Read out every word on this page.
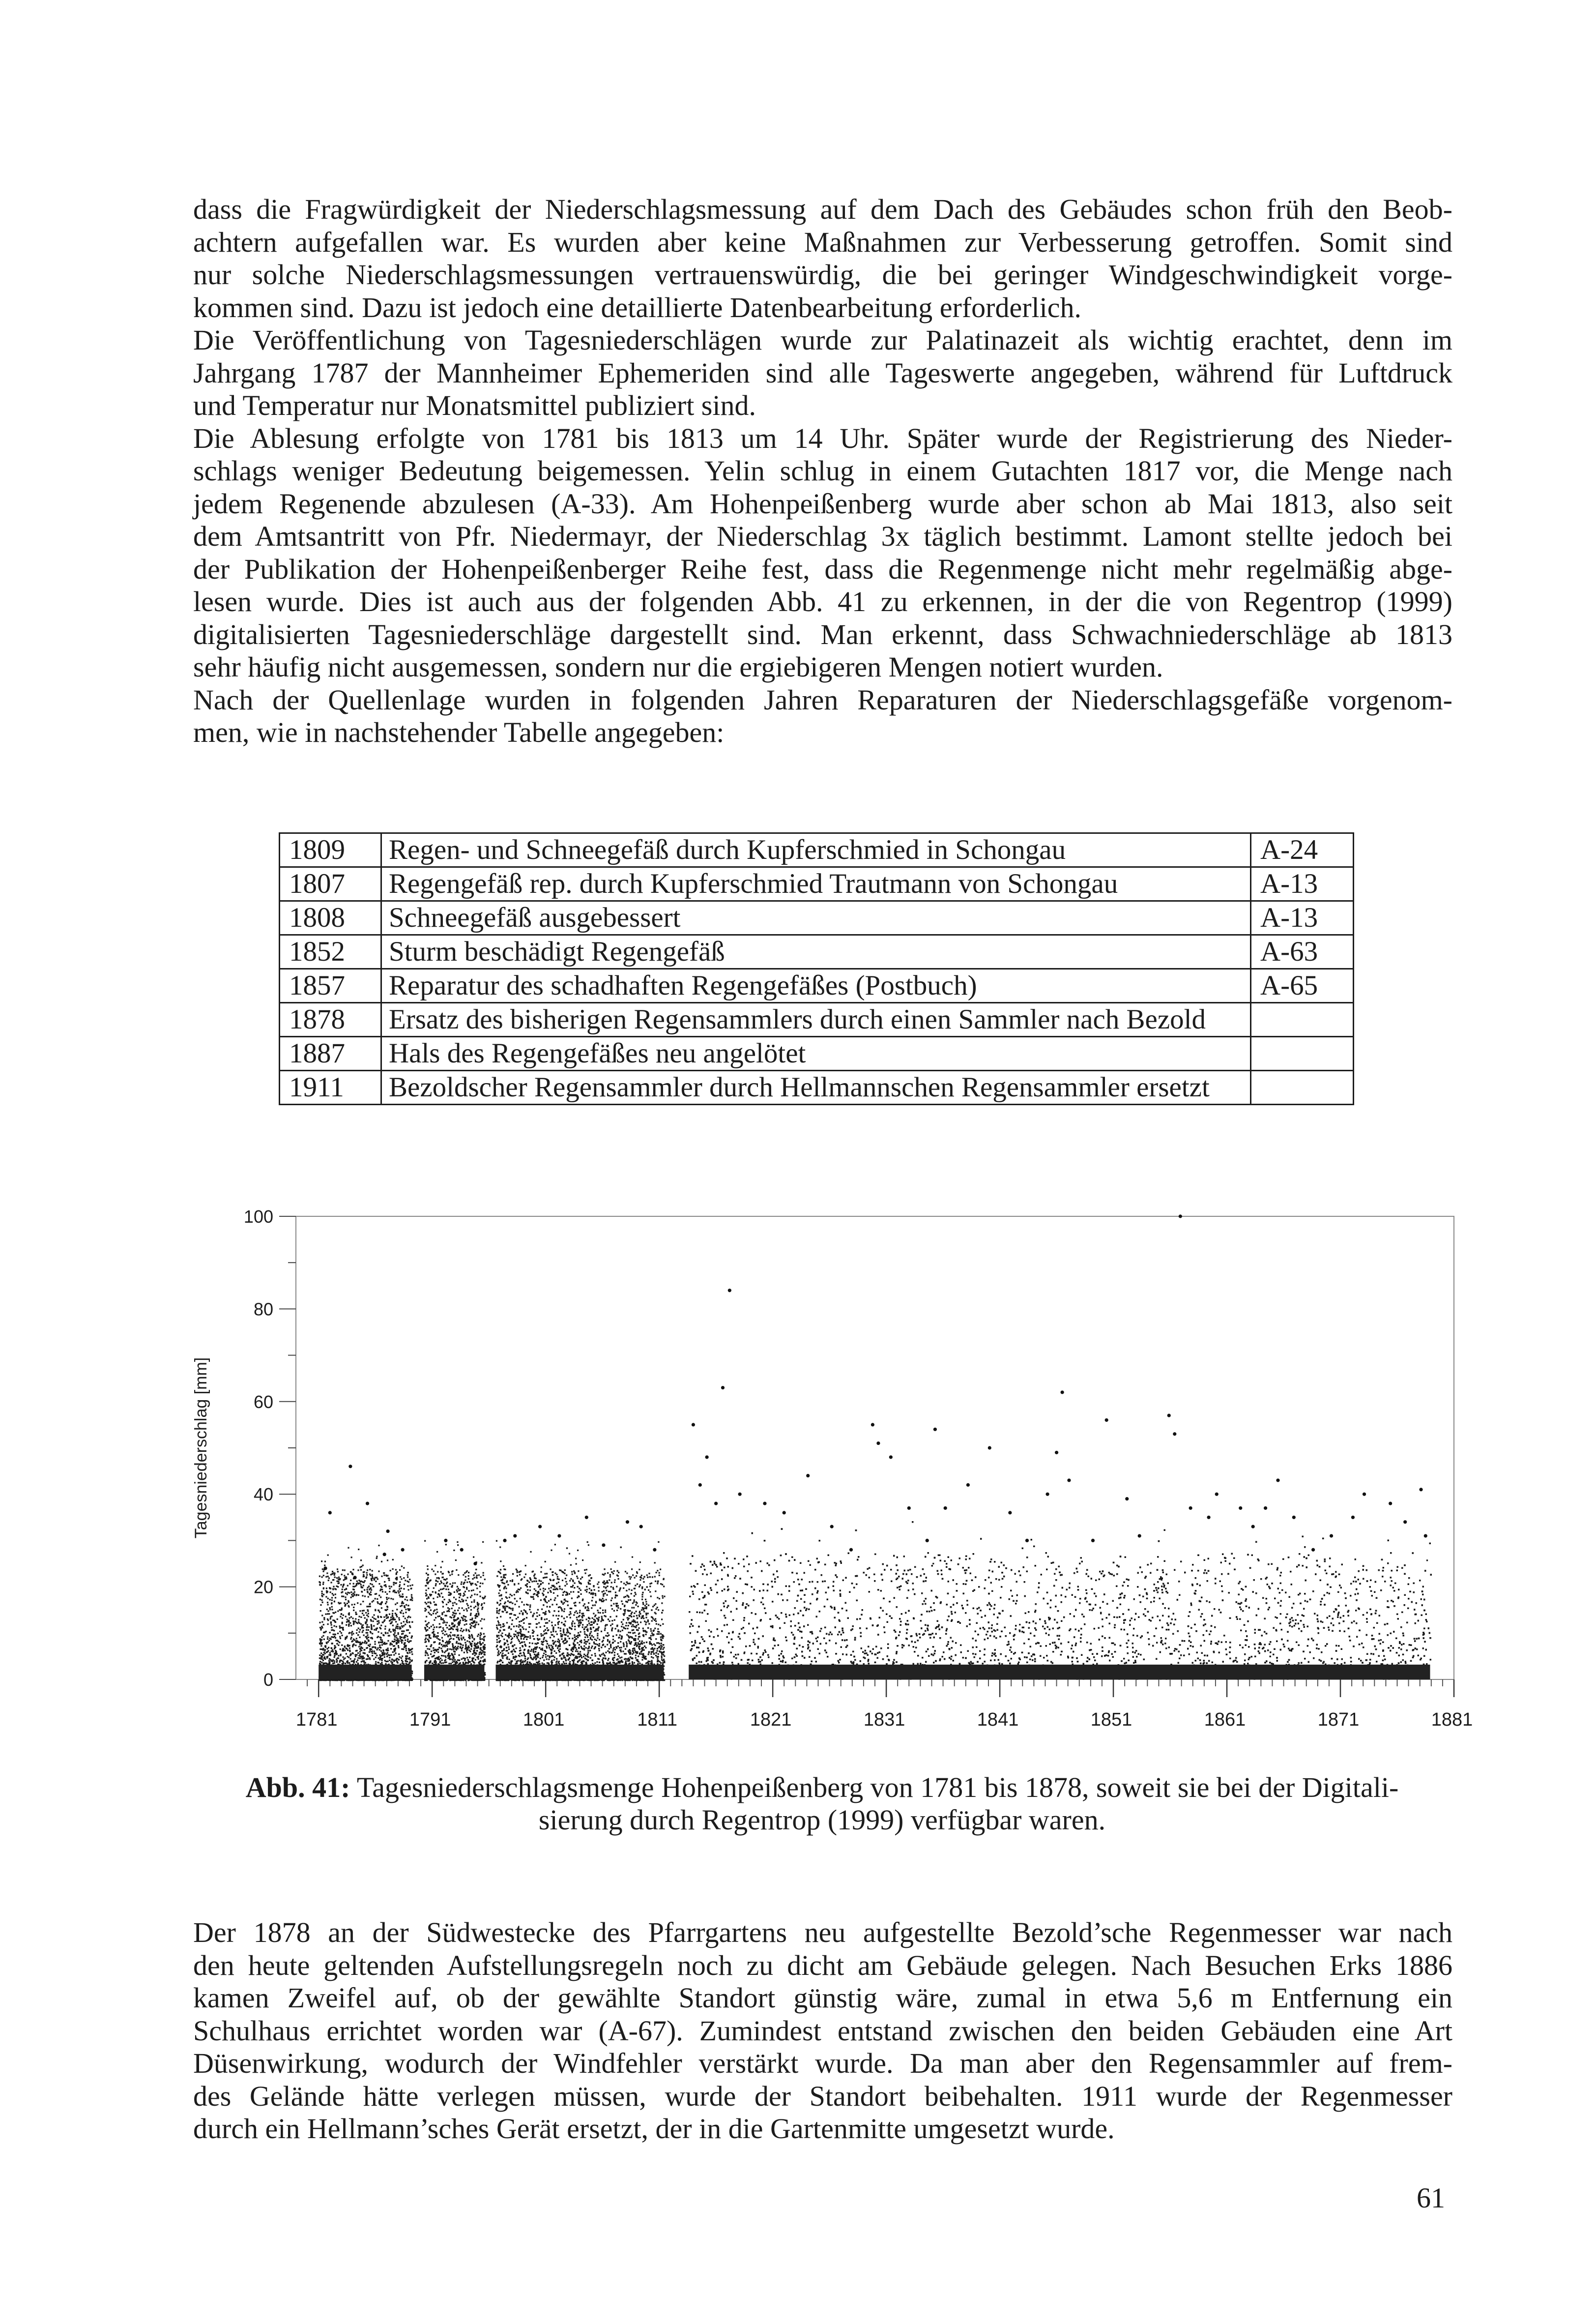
dass die Fragwürdigkeit der Niederschlagsmessung auf dem Dach des Gebäudes schon früh den Beob-
achtern aufgefallen war. Es wurden aber keine Maßnahmen zur Verbesserung getroffen. Somit sind
nur solche Niederschlagsmessungen vertrauenswürdig, die bei geringer Windgeschwindigkeit vorge-
kommen sind. Dazu ist jedoch eine detaillierte Datenbearbeitung erforderlich.
Die Veröffentlichung von Tagesniederschlägen wurde zur Palatinazeit als wichtig erachtet, denn im
Jahrgang 1787 der Mannheimer Ephemeriden sind alle Tageswerte angegeben, während für Luftdruck
und Temperatur nur Monatsmittel publiziert sind.
Die Ablesung erfolgte von 1781 bis 1813 um 14 Uhr. Später wurde der Registrierung des Nieder-
schlags weniger Bedeutung beigemessen. Yelin schlug in einem Gutachten 1817 vor, die Menge nach
jedem Regenende abzulesen (A-33). Am Hohenpeißenberg wurde aber schon ab Mai 1813, also seit
dem Amtsantritt von Pfr. Niedermayr, der Niederschlag 3x täglich bestimmt. Lamont stellte jedoch bei
der Publikation der Hohenpeißenberger Reihe fest, dass die Regenmenge nicht mehr regelmäßig abge-
lesen wurde. Dies ist auch aus der folgenden Abb. 41 zu erkennen, in der die von Regentrop (1999)
digitalisierten Tagesniederschläge dargestellt sind. Man erkennt, dass Schwachniederschläge ab 1813
sehr häufig nicht ausgemessen, sondern nur die ergiebigeren Mengen notiert wurden.
Nach der Quellenlage wurden in folgenden Jahren Reparaturen der Niederschlagsgefäße vorgenom-
men, wie in nachstehender Tabelle angegeben:
1809	Regen- und Schneegefäß durch Kupferschmied in Schongau	A-24
1807	Regengefäß rep. durch Kupferschmied Trautmann von Schongau	A-13
1808	Schneegefäß ausgebessert	A-13
1852	Sturm beschädigt Regengefäß	A-63
1857	Reparatur des schadhaften Regengefäßes (Postbuch)	A-65
1878	Ersatz des bisherigen Regensammlers durch einen Sammler nach Bezold	
1887	Hals des Regengefäßes neu angelötet	
1911	Bezoldscher Regensammler durch Hellmannschen Regensammler ersetzt	
0
20
40
60
80
100
1781	1791	1801	1811	1821	1831	1841	1851	1861	1871	1881
Tagesniederschlag [mm]
Abb. 41: Tagesniederschlagsmenge Hohenpeißenberg von 1781 bis 1878, soweit sie bei der Digitali-
sierung durch Regentrop (1999) verfügbar waren.
Der 1878 an der Südwestecke des Pfarrgartens neu aufgestellte Bezold’sche Regenmesser war nach
den heute geltenden Aufstellungsregeln noch zu dicht am Gebäude gelegen. Nach Besuchen Erks 1886
kamen Zweifel auf, ob der gewählte Standort günstig wäre, zumal in etwa 5,6 m Entfernung ein
Schulhaus errichtet worden war (A-67). Zumindest entstand zwischen den beiden Gebäuden eine Art
Düsenwirkung, wodurch der Windfehler verstärkt wurde. Da man aber den Regensammler auf frem-
des Gelände hätte verlegen müssen, wurde der Standort beibehalten. 1911 wurde der Regenmesser
durch ein Hellmann’sches Gerät ersetzt, der in die Gartenmitte umgesetzt wurde.
61
